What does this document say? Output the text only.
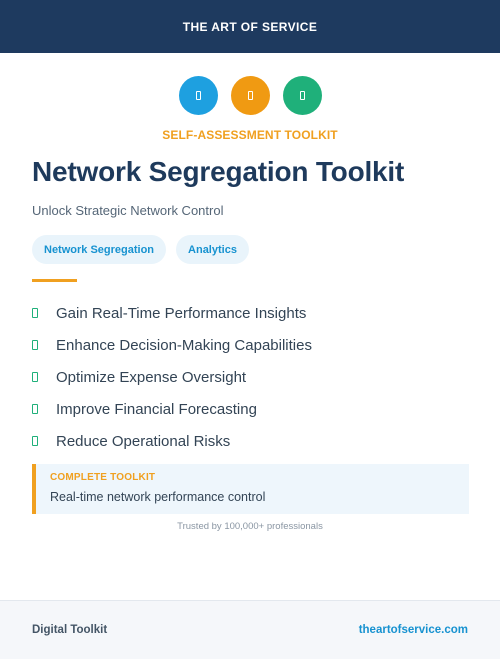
THE ART OF SERVICE
SELF-ASSESSMENT TOOLKIT
Network Segregation Toolkit
Unlock Strategic Network Control
Network Segregation	Analytics
Gain Real-Time Performance Insights
Enhance Decision-Making Capabilities
Optimize Expense Oversight
Improve Financial Forecasting
Reduce Operational Risks
COMPLETE TOOLKIT
Real-time network performance control
Trusted by 100,000+ professionals
Digital Toolkit	theartofservice.com
